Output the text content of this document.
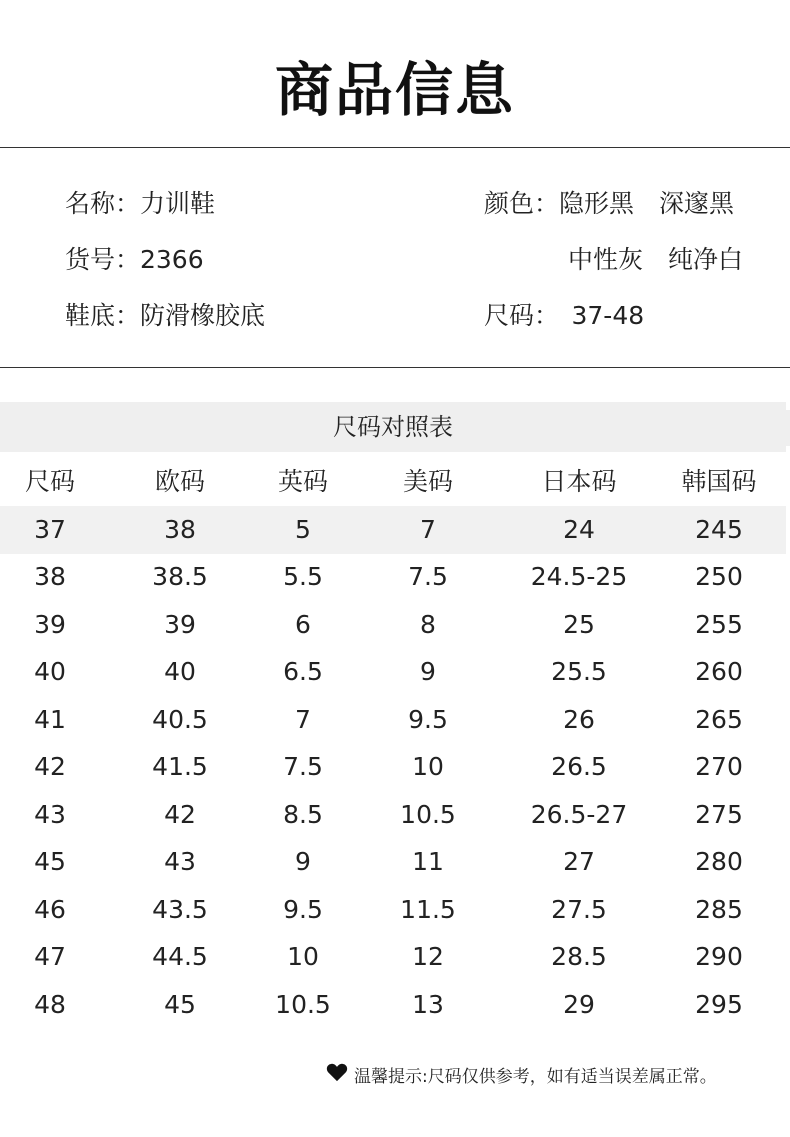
商品信息
名称：力训鞋
货号：2366
鞋底：防滑橡胶底
颜色：隐形黑　深邃黑
中性灰　纯净白
尺码：　37-48
尺码对照表
尺码	欧码	英码	美码	日本码	韩国码
37	38	5	7	24	245
38	38.5	5.5	7.5	24.5-25	250
39	39	6	8	25	255
40	40	6.5	9	25.5	260
41	40.5	7	9.5	26	265
42	41.5	7.5	10	26.5	270
43	42	8.5	10.5	26.5-27	275
45	43	9	11	27	280
46	43.5	9.5	11.5	27.5	285
47	44.5	10	12	28.5	290
48	45	10.5	13	29	295
温馨提示:尺码仅供参考，如有适当误差属正常。
